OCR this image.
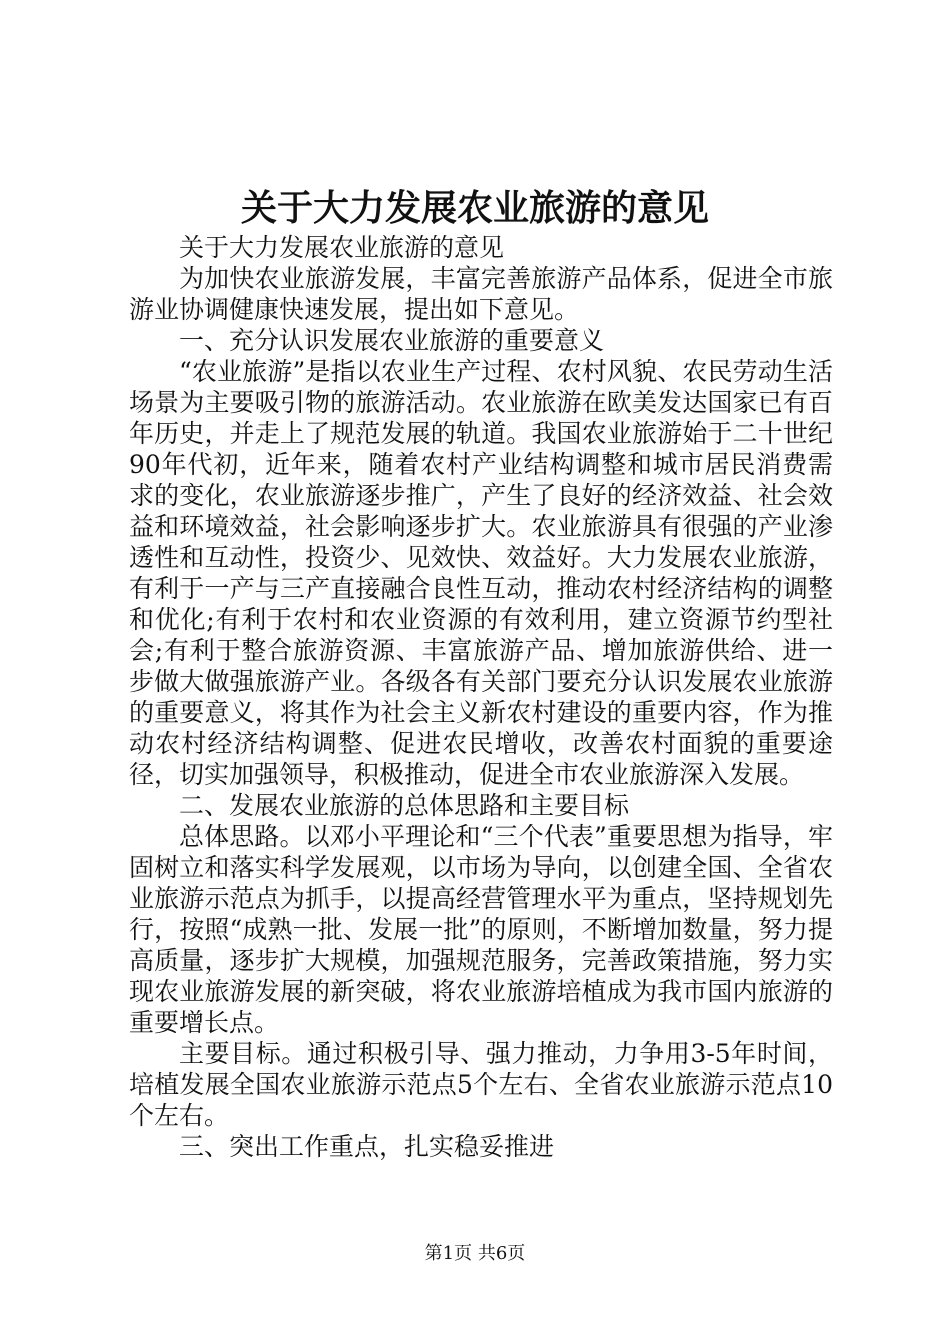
关于大力发展农业旅游的意见

关于大力发展农业旅游的意见

为加快农业旅游发展，丰富完善旅游产品体系，促进全市旅游业协调健康快速发展，提出如下意见。

一、充分认识发展农业旅游的重要意义

“农业旅游”是指以农业生产过程、农村风貌、农民劳动生活场景为主要吸引物的旅游活动。农业旅游在欧美发达国家已有百年历史，并走上了规范发展的轨道。我国农业旅游始于二十世纪90年代初，近年来，随着农村产业结构调整和城市居民消费需求的变化，农业旅游逐步推广，产生了良好的经济效益、社会效益和环境效益，社会影响逐步扩大。农业旅游具有很强的产业渗透性和互动性，投资少、见效快、效益好。大力发展农业旅游，有利于一产与三产直接融合良性互动，推动农村经济结构的调整和优化;有利于农村和农业资源的有效利用，建立资源节约型社会;有利于整合旅游资源、丰富旅游产品、增加旅游供给、进一步做大做强旅游产业。各级各有关部门要充分认识发展农业旅游的重要意义，将其作为社会主义新农村建设的重要内容，作为推动农村经济结构调整、促进农民增收，改善农村面貌的重要途径，切实加强领导，积极推动，促进全市农业旅游深入发展。

二、发展农业旅游的总体思路和主要目标

总体思路。以邓小平理论和“三个代表”重要思想为指导，牢固树立和落实科学发展观，以市场为导向，以创建全国、全省农业旅游示范点为抓手，以提高经营管理水平为重点，坚持规划先行，按照“成熟一批、发展一批”的原则，不断增加数量，努力提高质量，逐步扩大规模，加强规范服务，完善政策措施，努力实现农业旅游发展的新突破，将农业旅游培植成为我市国内旅游的重要增长点。

主要目标。通过积极引导、强力推动，力争用3-5年时间，培植发展全国农业旅游示范点5个左右、全省农业旅游示范点10个左右。

三、突出工作重点，扎实稳妥推进

第1页 共6页
